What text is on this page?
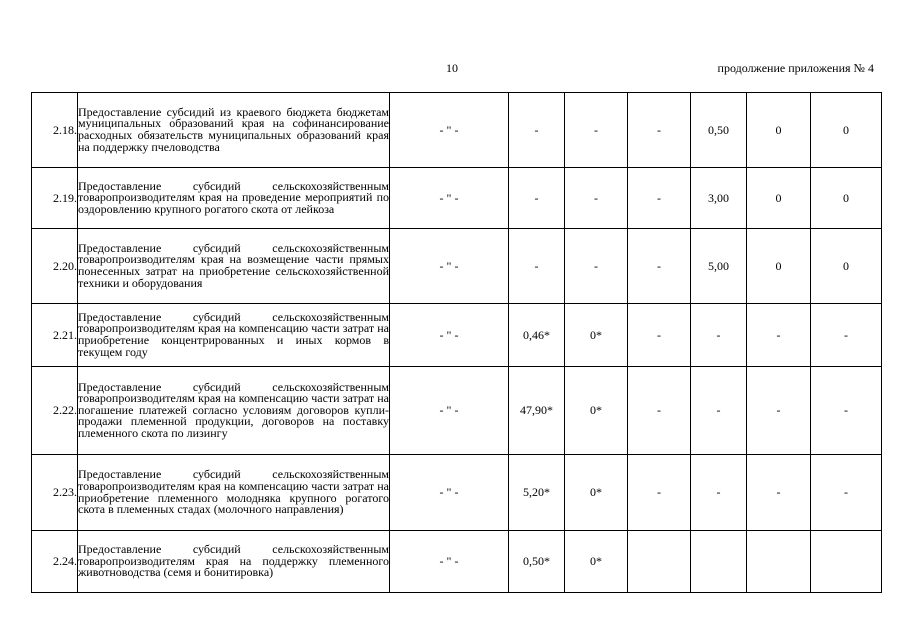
10	продолжение приложения № 4
2.18.	Предоставление субсидий из краевого бюджета бюджетам муниципальных образований края на софинансирование расходных обязательств муниципальных образований края на поддержку пчеловодства	- " -	-	-	-	0,50	0	0
2.19.	Предоставление субсидий сельскохозяйственным товаропроизводителям края на проведение мероприятий по оздоровлению крупного рогатого скота от лейкоза	- " -	-	-	-	3,00	0	0
2.20.	Предоставление субсидий сельскохозяйственным товаропроизводителям края на возмещение части прямых понесенных затрат на приобретение сельскохозяйственной техники и оборудования	- " -	-	-	-	5,00	0	0
2.21.	Предоставление субсидий сельскохозяйственным товаропроизводителям края на компенсацию части затрат на приобретение концентрированных и иных кормов в текущем году	- " -	0,46*	0*	-	-	-	-
2.22.	Предоставление субсидий сельскохозяйственным товаропроизводителям края на компенсацию части затрат на погашение платежей согласно условиям договоров купли-продажи племенной продукции, договоров на поставку племенного скота по лизингу	- " -	47,90*	0*	-	-	-	-
2.23.	Предоставление субсидий сельскохозяйственным товаропроизводителям края на компенсацию части затрат на приобретение племенного молодняка крупного рогатого скота в племенных стадах (молочного направления)	- " -	5,20*	0*	-	-	-	-
2.24.	Предоставление субсидий сельскохозяйственным товаропроизводителям края на поддержку племенного животноводства (семя и бонитировка)	- " -	0,50*	0*				
